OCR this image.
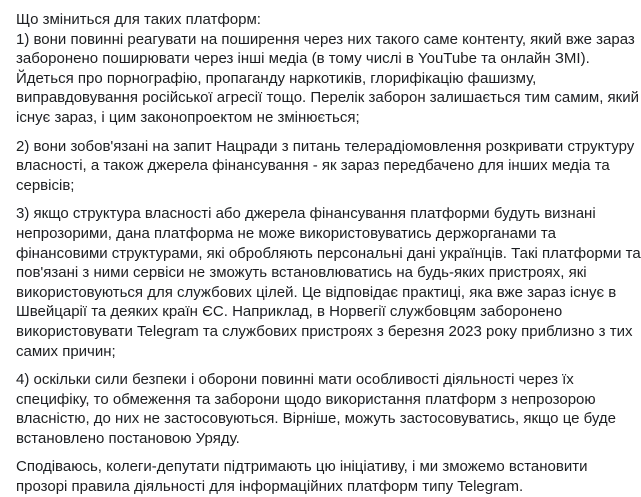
Що зміниться для таких платформ:
1) вони повинні реагувати на поширення через них такого саме контенту, який вже зараз
заборонено поширювати через інші медіа (в тому числі в YouTube та онлайн ЗМІ).
Йдеться про порнографію, пропаганду наркотиків, глорифікацію фашизму,
виправдовування російської агресії тощо. Перелік заборон залишається тим самим, який
існує зараз, і цим законопроектом не змінюється;
2) вони зобов'язані на запит Нацради з питань телерадіомовлення розкривати структуру
власності, а також джерела фінансування - як зараз передбачено для інших медіа та
сервісів;
3) якщо структура власності або джерела фінансування платформи будуть визнані
непрозорими, дана платформа не може використовуватись держорганами та
фінансовими структурами, які обробляють персональні дані українців. Такі платформи та
пов'язані з ними сервіси не зможуть встановлюватись на будь-яких пристроях, які
використовуються для службових цілей. Це відповідає практиці, яка вже зараз існує в
Швейцарії та деяких країн ЄС. Наприклад, в Норвегії службовцям заборонено
використовувати Telegram та службових пристроях з березня 2023 року приблизно з тих
самих причин;
4) оскільки сили безпеки і оборони повинні мати особливості діяльності через їх
специфіку, то обмеження та заборони щодо використання платформ з непрозорою
власністю, до них не застосовуються. Вірніше, можуть застосовуватись, якщо це буде
встановлено постановою Уряду.
Сподіваюсь, колеги-депутати підтримають цю ініціативу, і ми зможемо встановити
прозорі правила діяльності для інформаційних платформ типу Telegram.
